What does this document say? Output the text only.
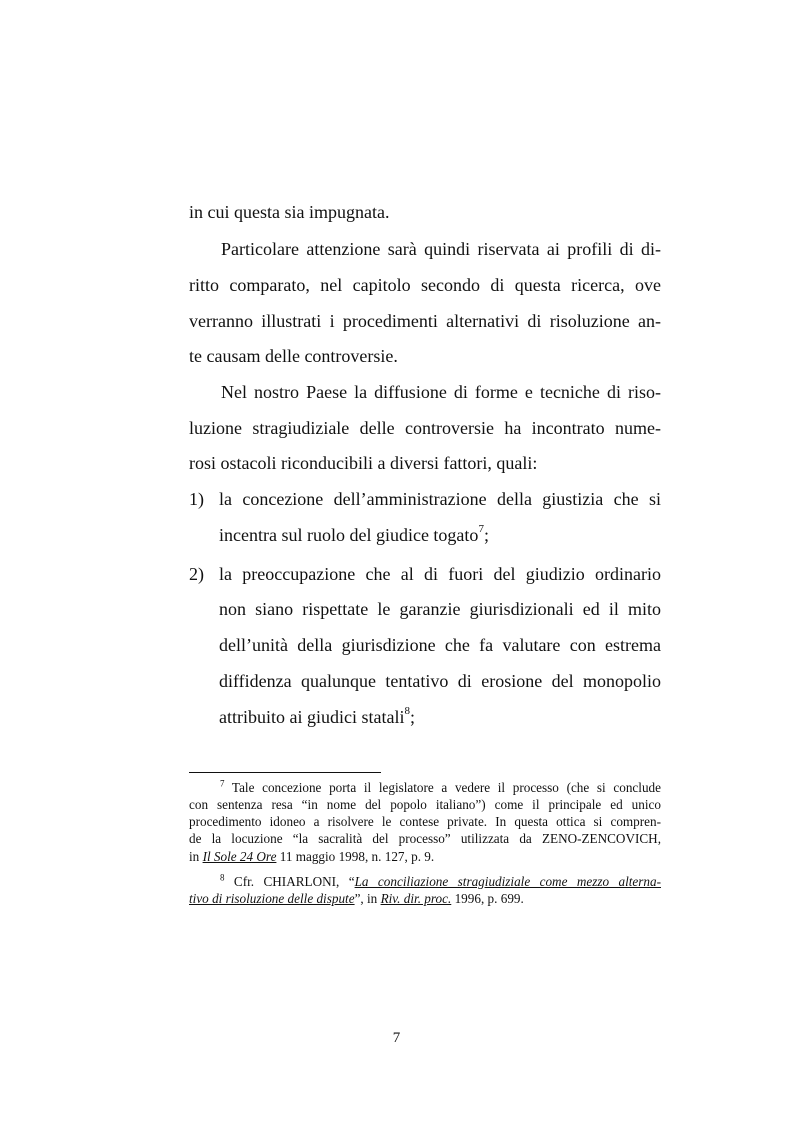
in cui questa sia impugnata.
Particolare attenzione sarà quindi riservata ai profili di di-
ritto comparato, nel capitolo secondo di questa ricerca, ove
verranno illustrati i procedimenti alternativi di risoluzione an-
te causam delle controversie.
Nel nostro Paese la diffusione di forme e tecniche di riso-
luzione stragiudiziale delle controversie ha incontrato nume-
rosi ostacoli riconducibili a diversi fattori, quali:
1) la concezione dell’amministrazione della giustizia che si
incentra sul ruolo del giudice togato$^7$;
2) la preoccupazione che al di fuori del giudizio ordinario
non siano rispettate le garanzie giurisdizionali ed il mito
dell’unità della giurisdizione che fa valutare con estrema
diffidenza qualunque tentativo di erosione del monopolio
attribuito ai giudici statali$^8$;
$^7$ Tale concezione porta il legislatore a vedere il processo (che si conclude
con sentenza resa “in nome del popolo italiano”) come il principale ed unico
procedimento idoneo a risolvere le contese private. In questa ottica si compren-
de la locuzione “la sacralità del processo” utilizzata da ZENO-ZENCOVICH,
in Il Sole 24 Ore 11 maggio 1998, n. 127, p. 9.
$^8$ Cfr. CHIARLONI, “La conciliazione stragiudiziale come mezzo alterna-
tivo di risoluzione delle dispute”, in Riv. dir. proc. 1996, p. 699.
7
